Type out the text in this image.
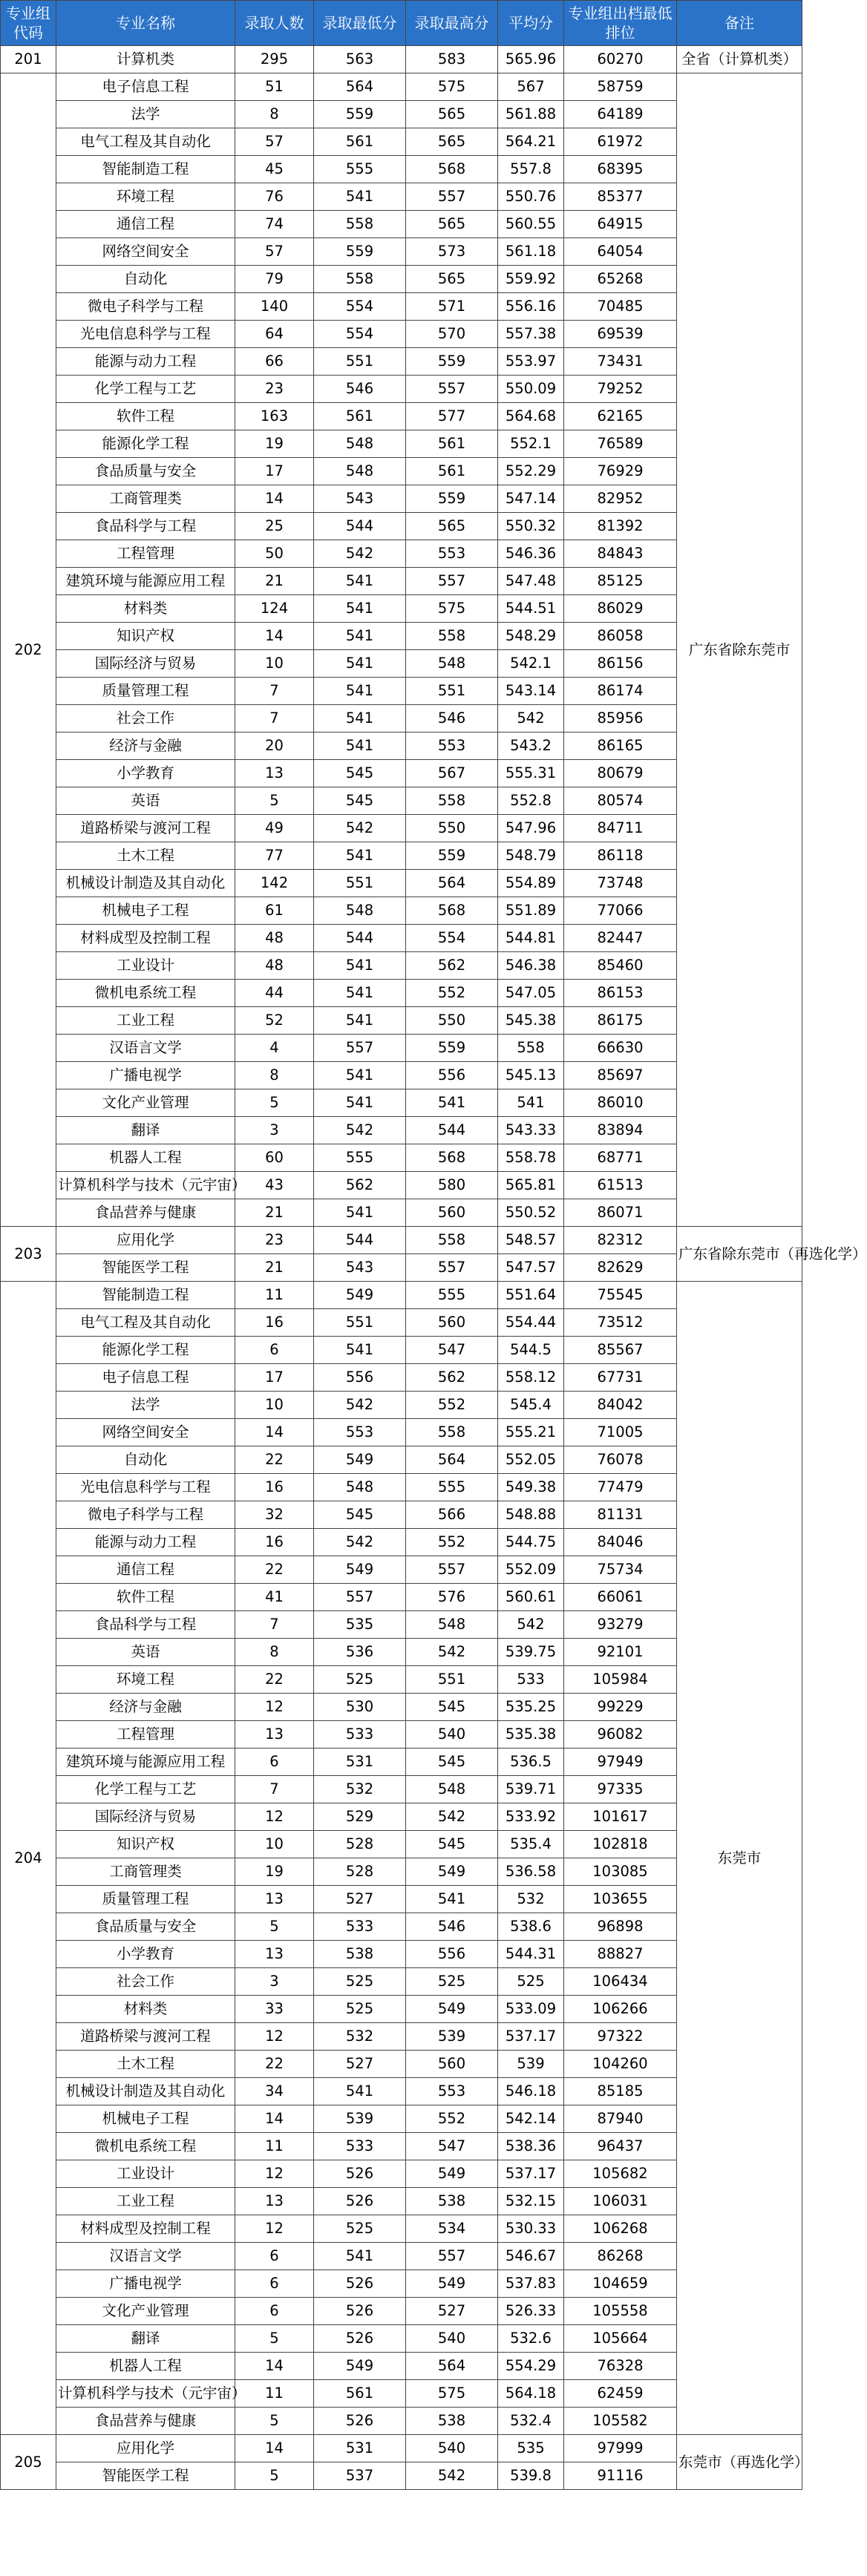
专业组代码	专业名称	录取人数	录取最低分	录取最高分	平均分	专业组出档最低排位	备注
201	计算机类	295	563	583	565.96	60270	全省（计算机类）
202	电子信息工程	51	564	575	567	58759	广东省除东莞市
	法学	8	559	565	561.88	64189	
	电气工程及其自动化	57	561	565	564.21	61972	
	智能制造工程	45	555	568	557.8	68395	
	环境工程	76	541	557	550.76	85377	
	通信工程	74	558	565	560.55	64915	
	网络空间安全	57	559	573	561.18	64054	
	自动化	79	558	565	559.92	65268	
	微电子科学与工程	140	554	571	556.16	70485	
	光电信息科学与工程	64	554	570	557.38	69539	
	能源与动力工程	66	551	559	553.97	73431	
	化学工程与工艺	23	546	557	550.09	79252	
	软件工程	163	561	577	564.68	62165	
	能源化学工程	19	548	561	552.1	76589	
	食品质量与安全	17	548	561	552.29	76929	
	工商管理类	14	543	559	547.14	82952	
	食品科学与工程	25	544	565	550.32	81392	
	工程管理	50	542	553	546.36	84843	
	建筑环境与能源应用工程	21	541	557	547.48	85125	
	材料类	124	541	575	544.51	86029	
	知识产权	14	541	558	548.29	86058	
	国际经济与贸易	10	541	548	542.1	86156	
	质量管理工程	7	541	551	543.14	86174	
	社会工作	7	541	546	542	85956	
	经济与金融	20	541	553	543.2	86165	
	小学教育	13	545	567	555.31	80679	
	英语	5	545	558	552.8	80574	
	道路桥梁与渡河工程	49	542	550	547.96	84711	
	土木工程	77	541	559	548.79	86118	
	机械设计制造及其自动化	142	551	564	554.89	73748	
	机械电子工程	61	548	568	551.89	77066	
	材料成型及控制工程	48	544	554	544.81	82447	
	工业设计	48	541	562	546.38	85460	
	微机电系统工程	44	541	552	547.05	86153	
	工业工程	52	541	550	545.38	86175	
	汉语言文学	4	557	559	558	66630	
	广播电视学	8	541	556	545.13	85697	
	文化产业管理	5	541	541	541	86010	
	翻译	3	542	544	543.33	83894	
	机器人工程	60	555	568	558.78	68771	
	计算机科学与技术（元宇宙）	43	562	580	565.81	61513	
	食品营养与健康	21	541	560	550.52	86071	
203	应用化学	23	544	558	548.57	82312	广东省除东莞市（再选化学）
	智能医学工程	21	543	557	547.57	82629	
204	智能制造工程	11	549	555	551.64	75545	东莞市
	电气工程及其自动化	16	551	560	554.44	73512	
	能源化学工程	6	541	547	544.5	85567	
	电子信息工程	17	556	562	558.12	67731	
	法学	10	542	552	545.4	84042	
	网络空间安全	14	553	558	555.21	71005	
	自动化	22	549	564	552.05	76078	
	光电信息科学与工程	16	548	555	549.38	77479	
	微电子科学与工程	32	545	566	548.88	81131	
	能源与动力工程	16	542	552	544.75	84046	
	通信工程	22	549	557	552.09	75734	
	软件工程	41	557	576	560.61	66061	
	食品科学与工程	7	535	548	542	93279	
	英语	8	536	542	539.75	92101	
	环境工程	22	525	551	533	105984	
	经济与金融	12	530	545	535.25	99229	
	工程管理	13	533	540	535.38	96082	
	建筑环境与能源应用工程	6	531	545	536.5	97949	
	化学工程与工艺	7	532	548	539.71	97335	
	国际经济与贸易	12	529	542	533.92	101617	
	知识产权	10	528	545	535.4	102818	
	工商管理类	19	528	549	536.58	103085	
	质量管理工程	13	527	541	532	103655	
	食品质量与安全	5	533	546	538.6	96898	
	小学教育	13	538	556	544.31	88827	
	社会工作	3	525	525	525	106434	
	材料类	33	525	549	533.09	106266	
	道路桥梁与渡河工程	12	532	539	537.17	97322	
	土木工程	22	527	560	539	104260	
	机械设计制造及其自动化	34	541	553	546.18	85185	
	机械电子工程	14	539	552	542.14	87940	
	微机电系统工程	11	533	547	538.36	96437	
	工业设计	12	526	549	537.17	105682	
	工业工程	13	526	538	532.15	106031	
	材料成型及控制工程	12	525	534	530.33	106268	
	汉语言文学	6	541	557	546.67	86268	
	广播电视学	6	526	549	537.83	104659	
	文化产业管理	6	526	527	526.33	105558	
	翻译	5	526	540	532.6	105664	
	机器人工程	14	549	564	554.29	76328	
	计算机科学与技术（元宇宙）	11	561	575	564.18	62459	
	食品营养与健康	5	526	538	532.4	105582	
205	应用化学	14	531	540	535	97999	东莞市（再选化学）
	智能医学工程	5	537	542	539.8	91116	
